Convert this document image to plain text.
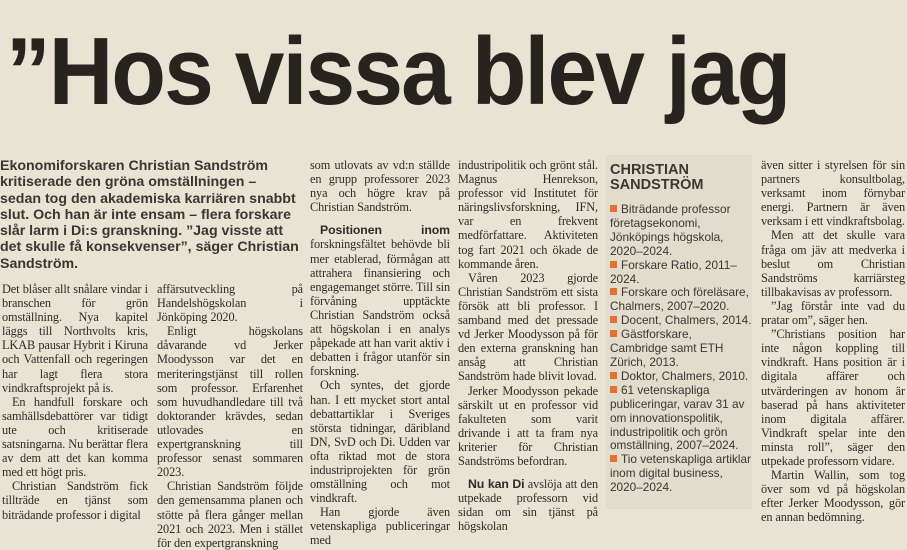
”Hos vissa blev jag
Ekonomiforskaren Christian Sandström kritiserade den gröna omställningen – sedan tog den akademiska karriären snabbt slut. Och han är inte ensam – flera forskare slår larm i Di:s granskning. ”Jag visste att det skulle få konsekvenser”, säger Christian Sandström.

Det blåser allt snålare vindar i branschen för grön omställning. Nya kapitel läggs till Northvolts kris, LKAB pausar Hybrit i Kiruna och Vattenfall och regeringen har lagt flera stora vindkraftsprojekt på is.

En handfull forskare och samhällsdebattörer var tidigt ute och kritiserade satsningarna. Nu berättar flera av dem att det kan komma med ett högt pris.

Christian Sandström fick tillträde en tjänst som biträdande professor i digital

affärsutveckling på Handelshögskolan i Jönköping 2020.

Enligt högskolans dåvarande vd Jerker Moodysson var det en meriteringstjänst till rollen som professor. Erfarenhet som huvudhandledare till två doktorander krävdes, sedan utlovades en expertgranskning till professor senast sommaren 2023.

Christian Sandström följde den gemensamma planen och stötte på flera gånger mellan 2021 och 2023. Men i stället för den expertgranskning

som utlovats av vd:n ställde en grupp professorer 2023 nya och högre krav på Christian Sandström.

Positionen inom forskningsfältet behövde bli mer etablerad, förmågan att attrahera finansiering och engagemanget större. Till sin förvåning upptäckte Christian Sandström också att högskolan i en analys påpekade att han varit aktiv i debatten i frågor utanför sin forskning.

Och syntes, det gjorde han. I ett mycket stort antal debattartiklar i Sveriges största tidningar, däribland DN, SvD och Di. Udden var ofta riktad mot de stora industriprojekten för grön omställning och mot vindkraft.

Han gjorde även vetenskapliga publiceringar med

industripolitik och grönt stål. Magnus Henrekson, professor vid Institutet för näringslivsforskning, IFN, var en frekvent medförfattare. Aktiviteten tog fart 2021 och ökade de kommande åren.

Våren 2023 gjorde Christian Sandström ett sista försök att bli professor. I samband med det pressade vd Jerker Moodysson på för den externa granskning han ansåg att Christian Sandström hade blivit lovad.

Jerker Moodysson pekade särskilt ut en professor vid fakulteten som varit drivande i att ta fram nya kriterier för Christian Sandströms befordran.

Nu kan Di avslöja att den utpekade professorn vid sidan om sin tjänst på högskolan

CHRISTIAN
SANDSTRÖM
Biträdande professor företagsekonomi, Jönköpings högskola, 2020–2024.
Forskare Ratio, 2011–2024.
Forskare och föreläsare, Chalmers, 2007–2020.
Docent, Chalmers, 2014.
Gästforskare, Cambridge samt ETH Zürich, 2013.
Doktor, Chalmers, 2010.
61 vetenskapliga publiceringar, varav 31 av om innovationspolitik, industripolitik och grön omställning, 2007–2024.
Tio vetenskapliga artiklar inom digital business, 2020–2024.

även sitter i styrelsen för sin partners konsultbolag, verksamt inom förnybar energi. Partnern är även verksam i ett vindkraftsbolag.

Men att det skulle vara fråga om jäv att medverka i beslut om Christian Sandströms karriärsteg tillbakavisas av professorn.

”Jag förstår inte vad du pratar om”, säger hen.

”Christians position har inte någon koppling till vindkraft. Hans position är i digitala affärer och utvärderingen av honom är baserad på hans aktiviteter inom digitala affärer. Vindkraft spelar inte den minsta roll”, säger den utpekade professorn vidare.

Martin Wallin, som tog över som vd på högskolan efter Jerker Moodysson, gör en annan bedömning.
